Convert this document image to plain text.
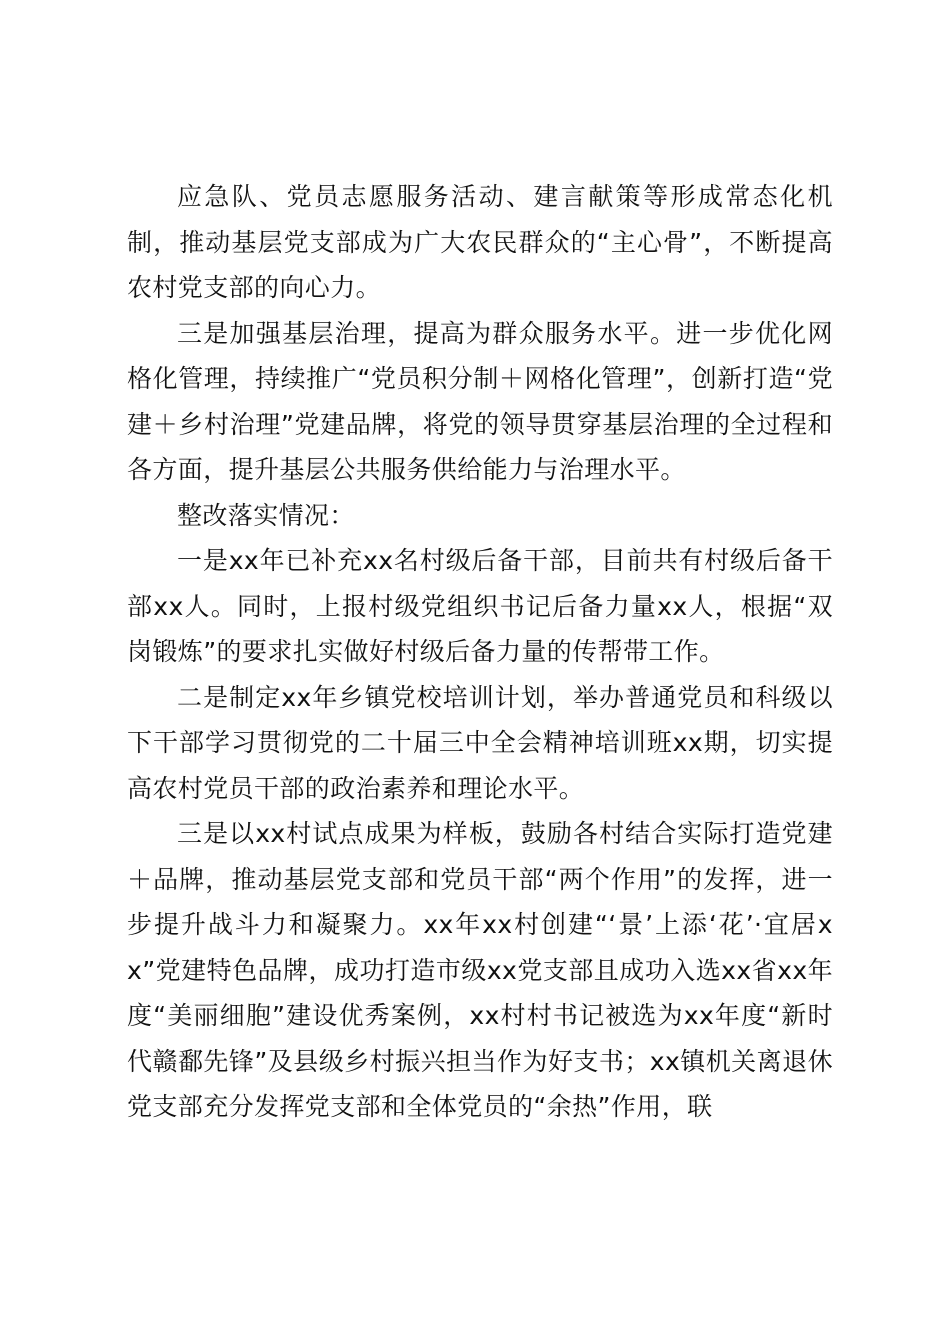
应急队、党员志愿服务活动、建言献策等形成常态化机制，推动基层党支部成为广大农民群众的“主心骨”，不断提高农村党支部的向心力。

三是加强基层治理，提高为群众服务水平。进一步优化网格化管理，持续推广“党员积分制＋网格化管理”，创新打造“党建＋乡村治理”党建品牌，将党的领导贯穿基层治理的全过程和各方面，提升基层公共服务供给能力与治理水平。

整改落实情况：

一是xx年已补充xx名村级后备干部，目前共有村级后备干部xx人。同时，上报村级党组织书记后备力量xx人，根据“双岗锻炼”的要求扎实做好村级后备力量的传帮带工作。

二是制定xx年乡镇党校培训计划，举办普通党员和科级以下干部学习贯彻党的二十届三中全会精神培训班xx期，切实提高农村党员干部的政治素养和理论水平。

三是以xx村试点成果为样板，鼓励各村结合实际打造党建＋品牌，推动基层党支部和党员干部“两个作用”的发挥，进一步提升战斗力和凝聚力。xx年xx村创建“‘景’上添‘花’·宜居xx”党建特色品牌，成功打造市级xx党支部且成功入选xx省xx年度“美丽细胞”建设优秀案例，xx村村书记被选为xx年度“新时代赣鄱先锋”及县级乡村振兴担当作为好支书；xx镇机关离退休党支部充分发挥党支部和全体党员的“余热”作用，联
